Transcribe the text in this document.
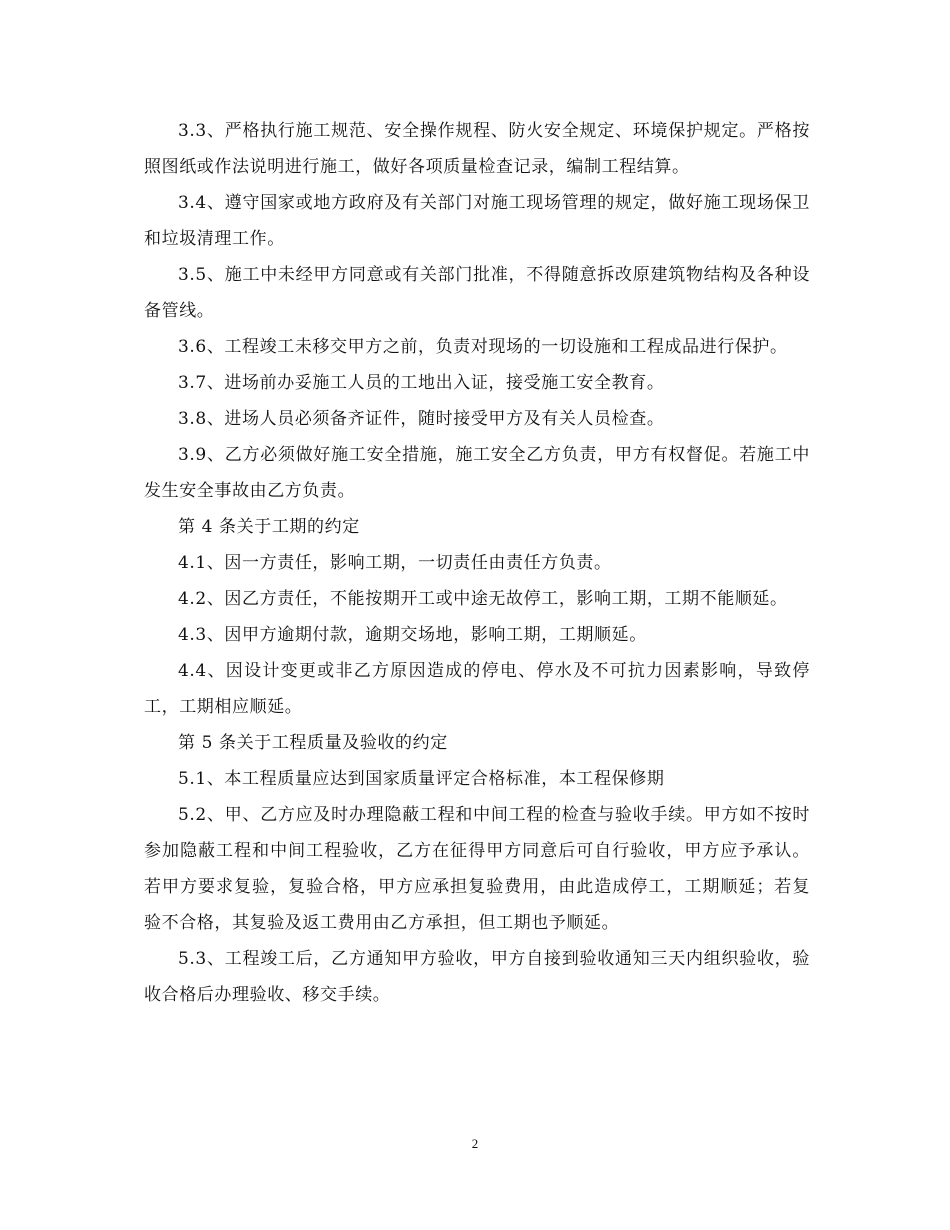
3.3、严格执行施工规范、安全操作规程、防火安全规定、环境保护规定。严格按照图纸或作法说明进行施工，做好各项质量检查记录，编制工程结算。

3.4、遵守国家或地方政府及有关部门对施工现场管理的规定，做好施工现场保卫和垃圾清理工作。

3.5、施工中未经甲方同意或有关部门批准，不得随意拆改原建筑物结构及各种设备管线。

3.6、工程竣工未移交甲方之前，负责对现场的一切设施和工程成品进行保护。

3.7、进场前办妥施工人员的工地出入证，接受施工安全教育。

3.8、进场人员必须备齐证件，随时接受甲方及有关人员检查。

3.9、乙方必须做好施工安全措施，施工安全乙方负责，甲方有权督促。若施工中发生安全事故由乙方负责。

第 4 条关于工期的约定

4.1、因一方责任，影响工期，一切责任由责任方负责。

4.2、因乙方责任，不能按期开工或中途无故停工，影响工期，工期不能顺延。

4.3、因甲方逾期付款，逾期交场地，影响工期，工期顺延。

4.4、因设计变更或非乙方原因造成的停电、停水及不可抗力因素影响，导致停工，工期相应顺延。

第 5 条关于工程质量及验收的约定

5.1、本工程质量应达到国家质量评定合格标准，本工程保修期

5.2、甲、乙方应及时办理隐蔽工程和中间工程的检查与验收手续。甲方如不按时参加隐蔽工程和中间工程验收，乙方在征得甲方同意后可自行验收，甲方应予承认。若甲方要求复验，复验合格，甲方应承担复验费用，由此造成停工，工期顺延；若复验不合格，其复验及返工费用由乙方承担，但工期也予顺延。

5.3、工程竣工后，乙方通知甲方验收，甲方自接到验收通知三天内组织验收，验收合格后办理验收、移交手续。

2
